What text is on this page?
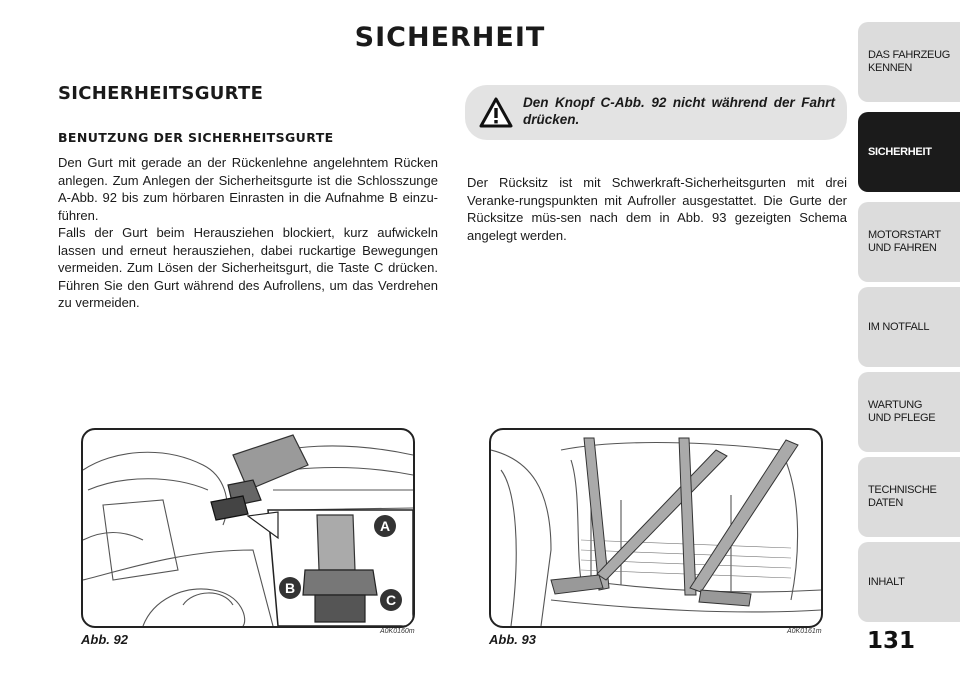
SICHERHEIT
SICHERHEITSGURTE
BENUTZUNG DER SICHERHEITSGURTE
Den Gurt mit gerade an der Rückenlehne angelehntem Rücken anlegen. Zum Anlegen der Sicherheitsgurte ist die Schlosszunge A-Abb. 92 bis zum hörbaren Einrasten in die Aufnahme B einzu-führen.
Falls der Gurt beim Herausziehen blockiert, kurz aufwickeln lassen und erneut herausziehen, dabei ruckartige Bewegungen vermeiden. Zum Lösen der Sicherheitsgurt, die Taste C drücken. Führen Sie den Gurt während des Aufrollens, um das Verdrehen zu vermeiden.

Den Knopf C-Abb. 92 nicht während der Fahrt drücken.

Der Rücksitz ist mit Schwerkraft-Sicherheitsgurten mit drei Veranke-rungspunkten mit Aufroller ausgestattet. Die Gurte der Rücksitze müs-sen nach dem in Abb. 93 gezeigten Schema angelegt werden.

A
B
C
Abb. 92
A0K0160m
Abb. 93
A0K0161m 131
DAS FAHRZEUG
KENNEN
SICHERHEIT
MOTORSTART
UND FAHREN
IM NOTFALL
WARTUNG
UND PFLEGE
TECHNISCHE
DATEN
INHALT
